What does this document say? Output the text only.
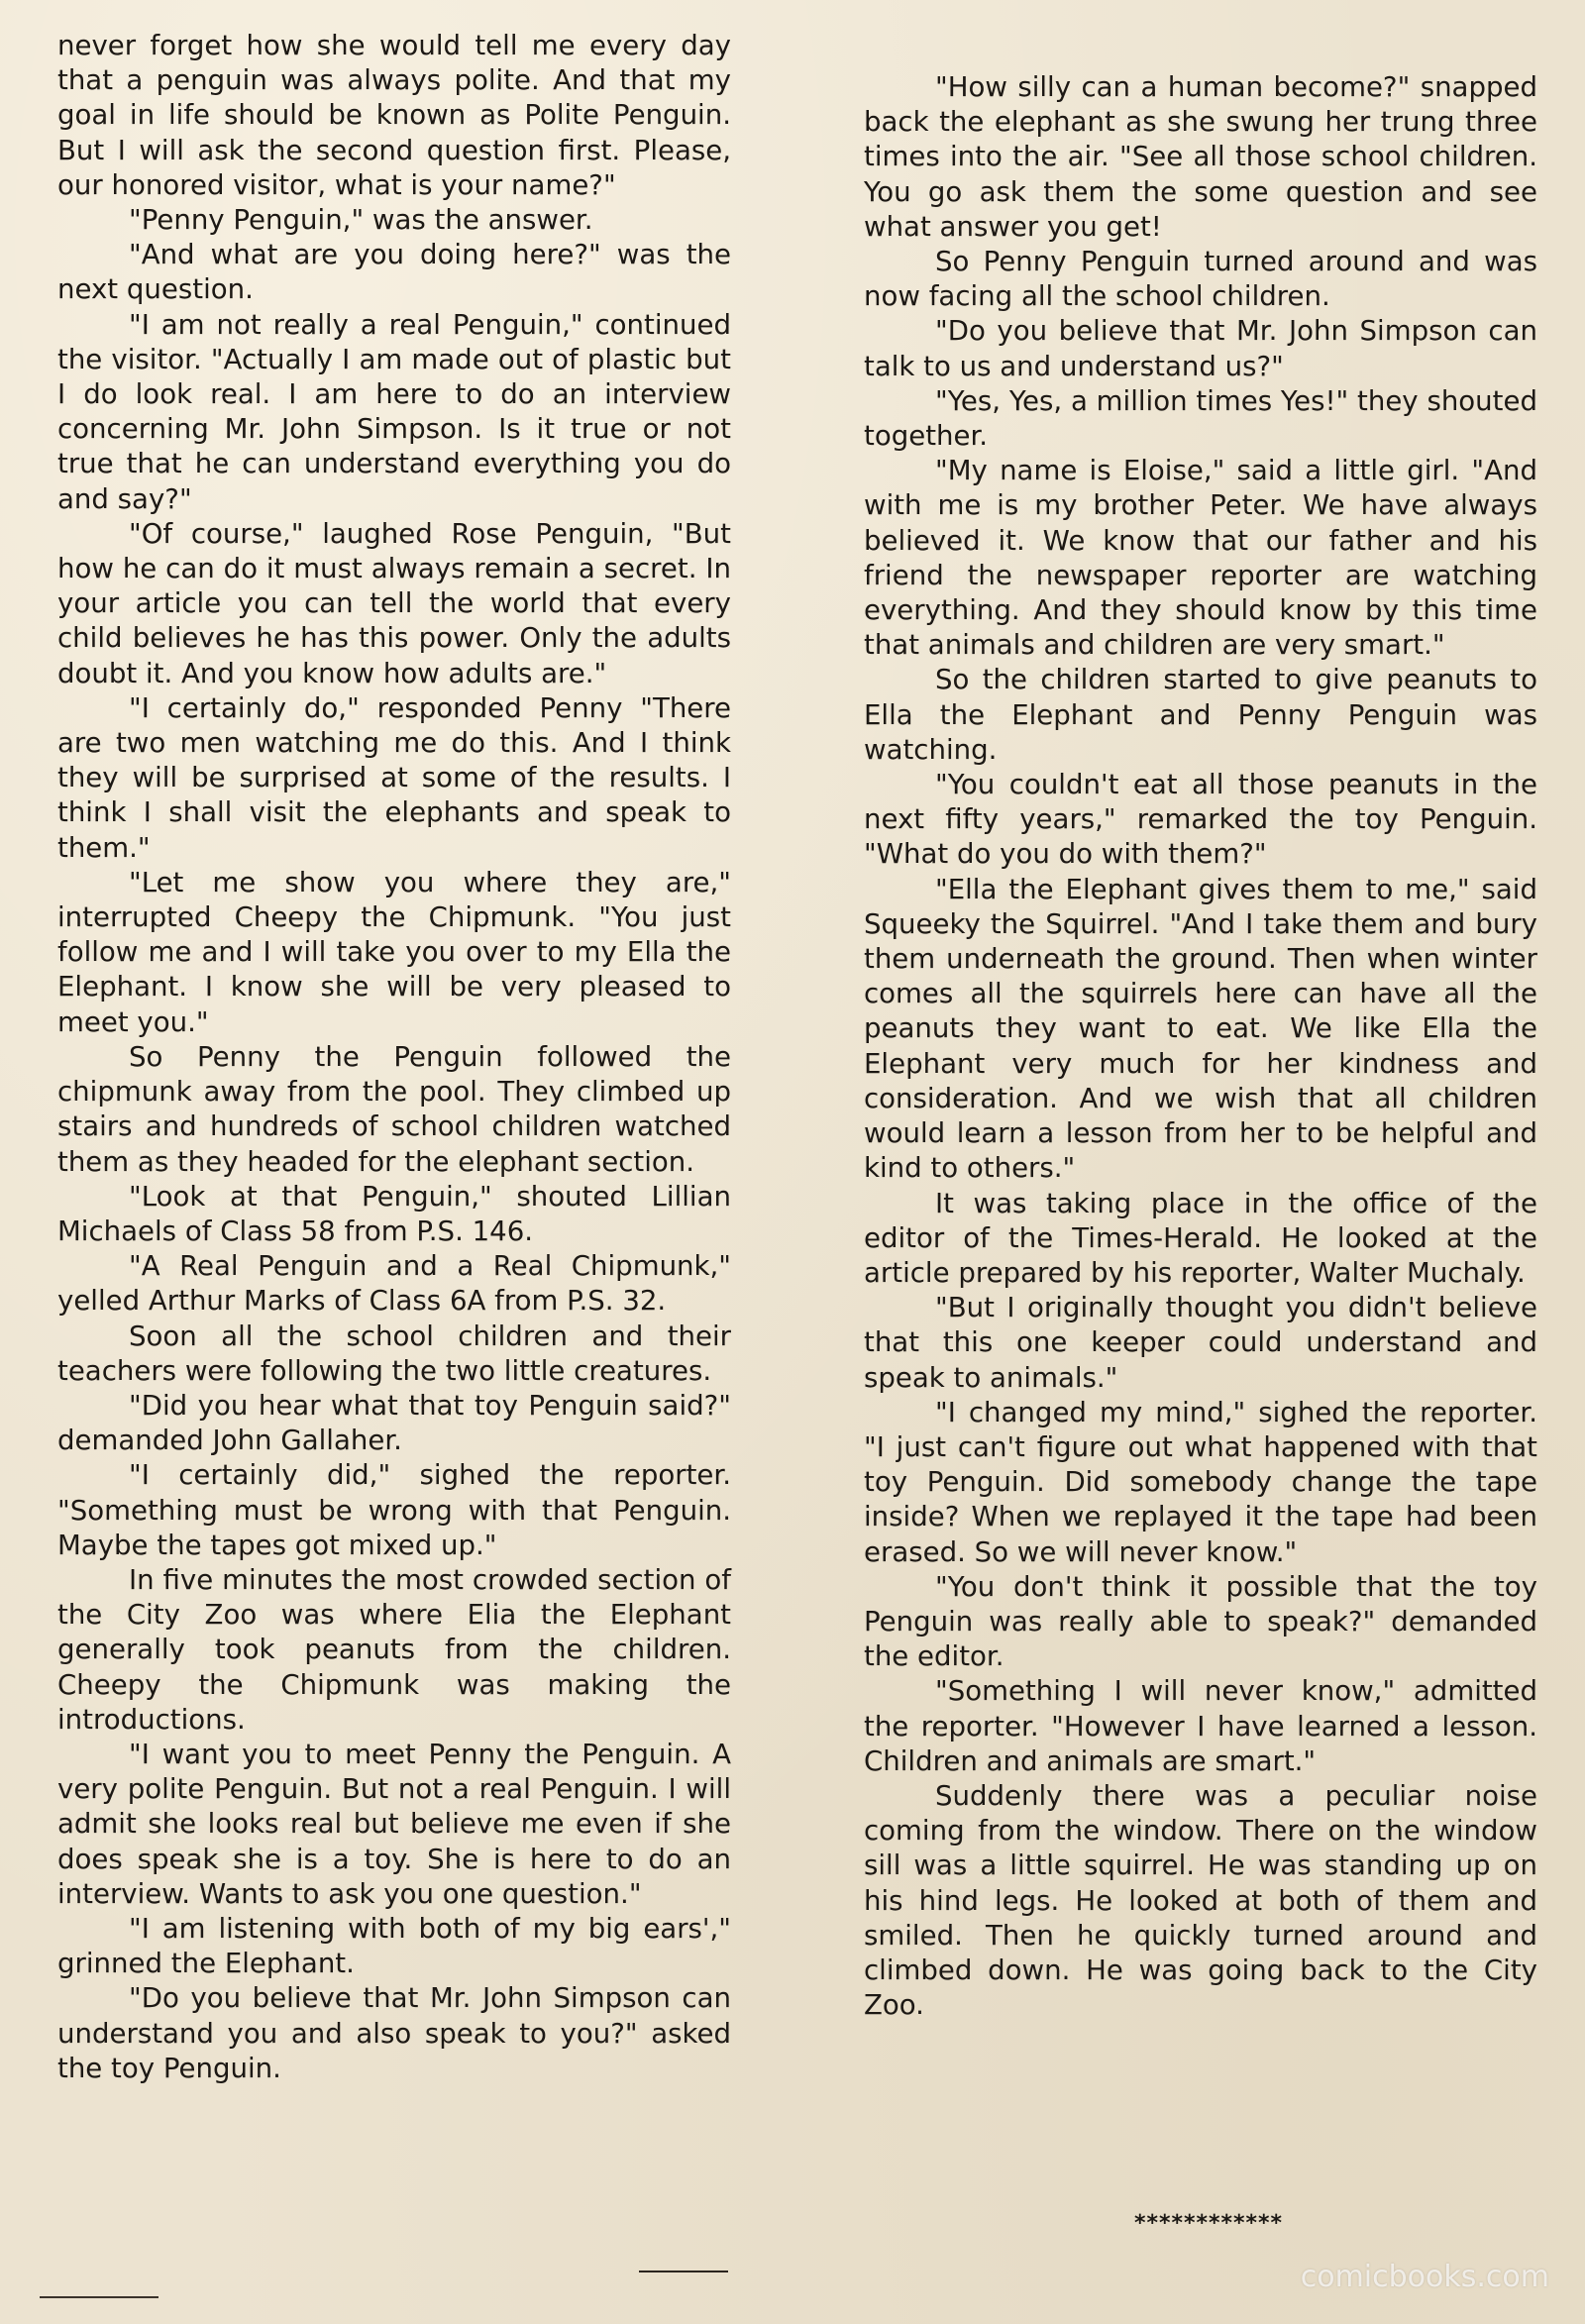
never forget how she would tell me every day that a penguin was always polite. And that my goal in life should be known as Polite Penguin. But I will ask the second question first. Please, our honored visitor, what is your name?"

"Penny Penguin," was the answer.

"And what are you doing here?" was the next question.

"I am not really a real Penguin," continued the visitor. "Actually I am made out of plastic but I do look real. I am here to do an interview concerning Mr. John Simpson. Is it true or not true that he can understand everything you do and say?"

"Of course," laughed Rose Penguin, "But how he can do it must always remain a secret. In your article you can tell the world that every child believes he has this power. Only the adults doubt it. And you know how adults are."

"I certainly do," responded Penny "There are two men watching me do this. And I think they will be surprised at some of the results. I think I shall visit the elephants and speak to them."

"Let me show you where they are," interrupted Cheepy the Chipmunk. "You just follow me and I will take you over to my Ella the Elephant. I know she will be very pleased to meet you."

So Penny the Penguin followed the chipmunk away from the pool. They climbed up stairs and hundreds of school children watched them as they headed for the elephant section.

"Look at that Penguin," shouted Lillian Michaels of Class 58 from P.S. 146.

"A Real Penguin and a Real Chipmunk," yelled Arthur Marks of Class 6A from P.S. 32.

Soon all the school children and their teachers were following the two little creatures.

"Did you hear what that toy Penguin said?" demanded John Gallaher.

"I certainly did," sighed the reporter. "Something must be wrong with that Penguin. Maybe the tapes got mixed up."

In five minutes the most crowded section of the City Zoo was where Elia the Elephant generally took peanuts from the children. Cheepy the Chipmunk was making the introductions.

"I want you to meet Penny the Penguin. A very polite Penguin. But not a real Penguin. I will admit she looks real but believe me even if she does speak she is a toy. She is here to do an interview. Wants to ask you one question."

"I am listening with both of my big ears'," grinned the Elephant.

"Do you believe that Mr. John Simpson can understand you and also speak to you?" asked the toy Penguin.

"How silly can a human become?" snapped back the elephant as she swung her trung three times into the air. "See all those school children. You go ask them the some question and see what answer you get!

So Penny Penguin turned around and was now facing all the school children.

"Do you believe that Mr. John Simpson can talk to us and understand us?"

"Yes, Yes, a million times Yes!" they shouted together.

"My name is Eloise," said a little girl. "And with me is my brother Peter. We have always believed it. We know that our father and his friend the newspaper reporter are watching everything. And they should know by this time that animals and children are very smart."

So the children started to give peanuts to Ella the Elephant and Penny Penguin was watching.

"You couldn't eat all those peanuts in the next fifty years," remarked the toy Penguin. "What do you do with them?"

"Ella the Elephant gives them to me," said Squeeky the Squirrel. "And I take them and bury them underneath the ground. Then when winter comes all the squirrels here can have all the peanuts they want to eat. We like Ella the Elephant very much for her kindness and consideration. And we wish that all children would learn a lesson from her to be helpful and kind to others."

It was taking place in the office of the editor of the Times-Herald. He looked at the article prepared by his reporter, Walter Muchaly.

"But I originally thought you didn't believe that this one keeper could understand and speak to animals."

"I changed my mind," sighed the reporter. "I just can't figure out what happened with that toy Penguin. Did somebody change the tape inside? When we replayed it the tape had been erased. So we will never know."

"You don't think it possible that the toy Penguin was really able to speak?" demanded the editor.

"Something I will never know," admitted the reporter. "However I have learned a lesson. Children and animals are smart."

Suddenly there was a peculiar noise coming from the window. There on the window sill was a little squirrel. He was standing up on his hind legs. He looked at both of them and smiled. Then he quickly turned around and climbed down. He was going back to the City Zoo.

************
comicbooks.com
